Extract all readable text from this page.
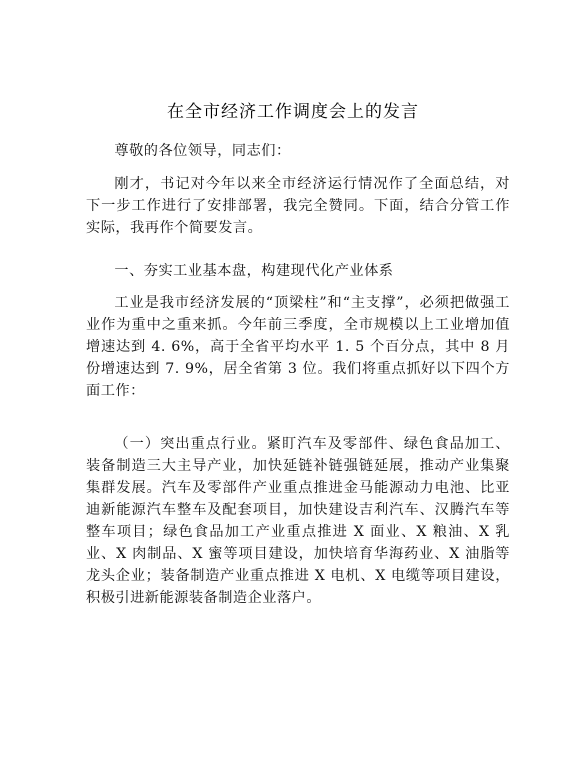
在全市经济工作调度会上的发言

尊敬的各位领导，同志们：

刚才，书记对今年以来全市经济运行情况作了全面总结，对下一步工作进行了安排部署，我完全赞同。下面，结合分管工作实际，我再作个简要发言。

一、夯实工业基本盘，构建现代化产业体系

工业是我市经济发展的“顶梁柱”和“主支撑”，必须把做强工业作为重中之重来抓。今年前三季度，全市规模以上工业增加值增速达到 4. 6%，高于全省平均水平 1. 5 个百分点，其中 8 月份增速达到 7. 9%，居全省第 3 位。我们将重点抓好以下四个方面工作：

（一）突出重点行业。紧盯汽车及零部件、绿色食品加工、装备制造三大主导产业，加快延链补链强链延展，推动产业集聚集群发展。汽车及零部件产业重点推进金马能源动力电池、比亚迪新能源汽车整车及配套项目，加快建设吉利汽车、汉腾汽车等整车项目；绿色食品加工产业重点推进 X 面业、X 粮油、X 乳业、X 肉制品、X 蜜等项目建设，加快培育华海药业、X 油脂等龙头企业；装备制造产业重点推进 X 电机、X 电缆等项目建设，积极引进新能源装备制造企业落户。
